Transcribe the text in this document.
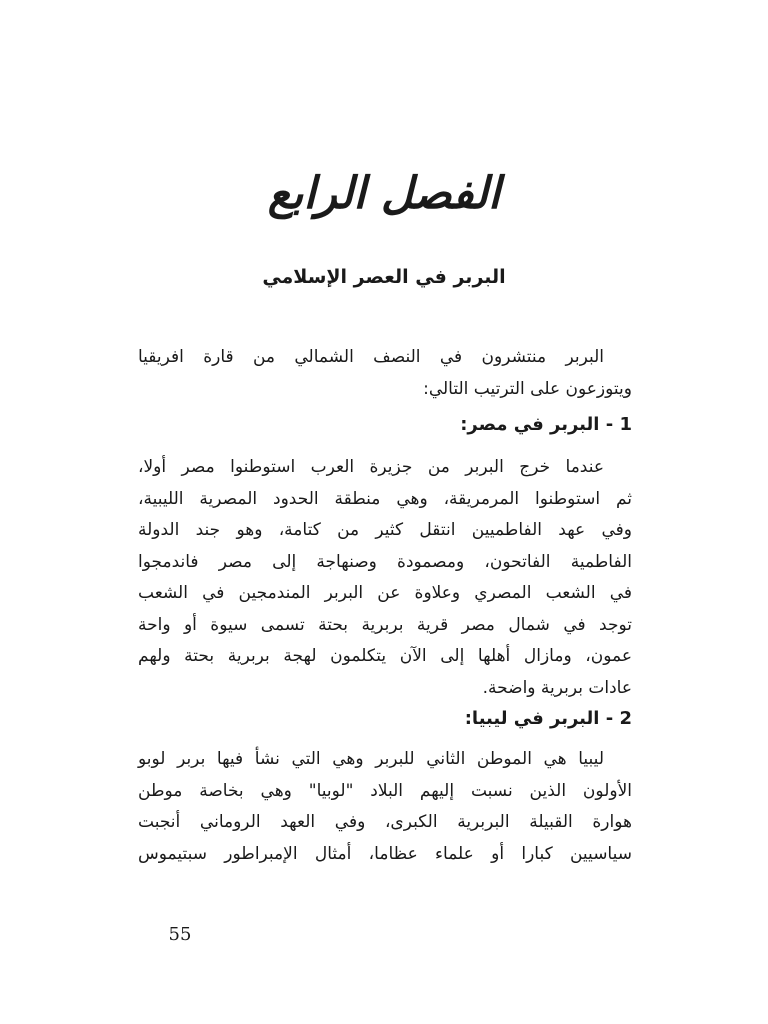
الفصل الرابع
البربر في العصر الإسلامي
البربر منتشرون في النصف الشمالي من قارة افريقيا
ويتوزعون على الترتيب التالي:
1 - البربر في مصر:
عندما خرج البربر من جزيرة العرب استوطنوا مصر أولا،
ثم استوطنوا المرمريقة، وهي منطقة الحدود المصرية الليبية،
وفي عهد الفاطميين انتقل كثير من كتامة، وهو جند الدولة
الفاطمية الفاتحون، ومصمودة وصنهاجة إلى مصر فاندمجوا
في الشعب المصري وعلاوة عن البربر المندمجين في الشعب
توجد في شمال مصر قرية بربرية بحتة تسمى سيوة أو واحة
عمون، ومازال أهلها إلى الآن يتكلمون لهجة بربرية بحتة ولهم
عادات بربرية واضحة.
2 - البربر في ليبيا:
ليبيا هي الموطن الثاني للبربر وهي التي نشأ فيها بربر لوبو
الأولون الذين نسبت إليهم البلاد "لوبيا" وهي بخاصة موطن
هوارة القبيلة البربرية الكبرى، وفي العهد الروماني أنجبت
سياسيين كبارا أو علماء عظاما، أمثال الإمبراطور سبتيموس
55
